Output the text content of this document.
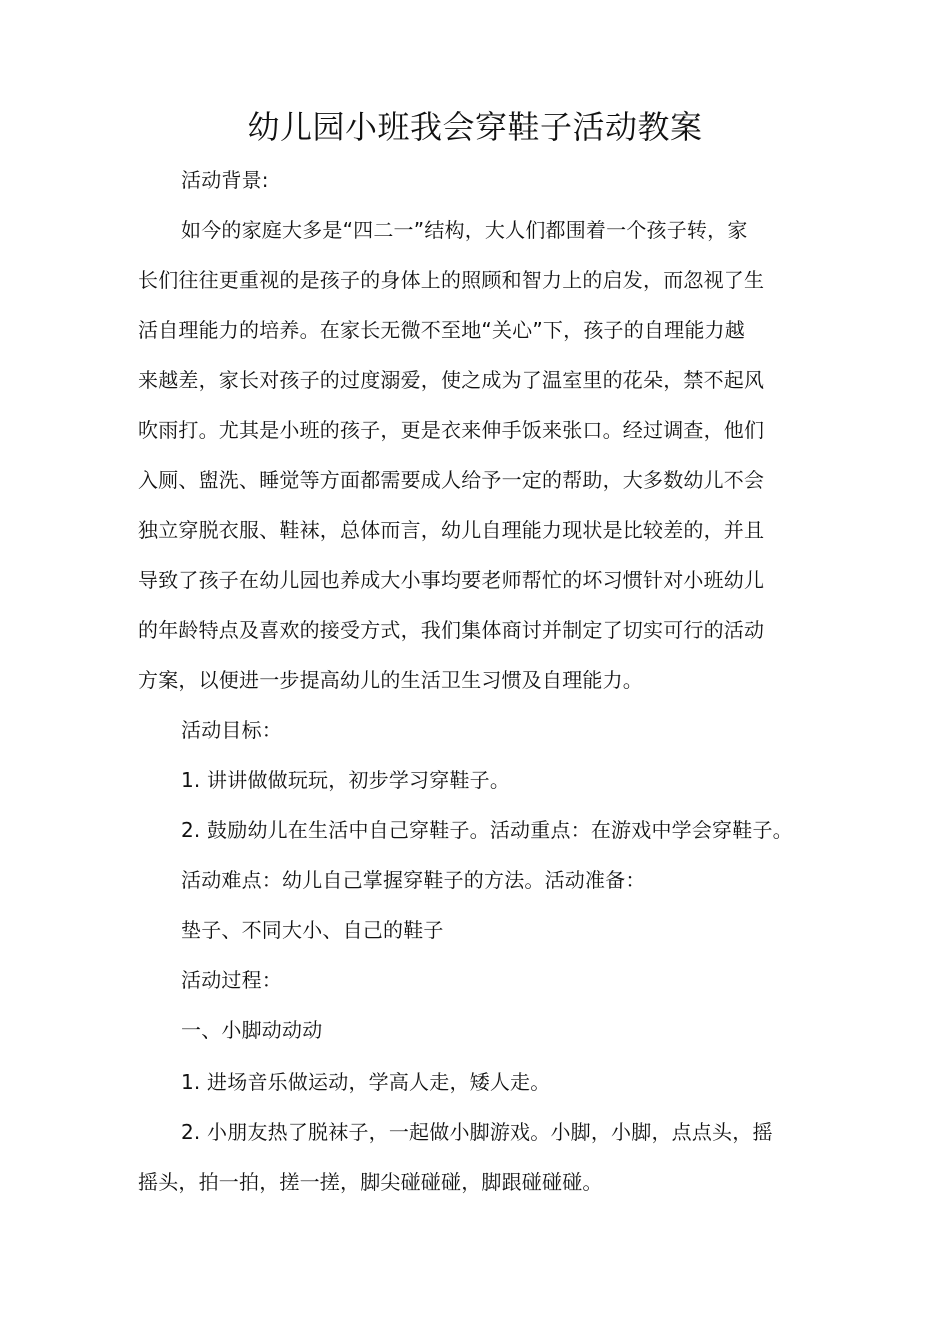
幼儿园小班我会穿鞋子活动教案
活动背景:
如今的家庭大多是“四二一”结构，大人们都围着一个孩子转，家
长们往往更重视的是孩子的身体上的照顾和智力上的启发，而忽视了生
活自理能力的培养。在家长无微不至地“关心”下，孩子的自理能力越
来越差，家长对孩子的过度溺爱，使之成为了温室里的花朵，禁不起风
吹雨打。尤其是小班的孩子，更是衣来伸手饭来张口。经过调查，他们
入厕、盥洗、睡觉等方面都需要成人给予一定的帮助，大多数幼儿不会
独立穿脱衣服、鞋袜，总体而言，幼儿自理能力现状是比较差的，并且
导致了孩子在幼儿园也养成大小事均要老师帮忙的坏习惯针对小班幼儿
的年龄特点及喜欢的接受方式，我们集体商讨并制定了切实可行的活动
方案，以便进一步提高幼儿的生活卫生习惯及自理能力。
活动目标：
1. 讲讲做做玩玩，初步学习穿鞋子。
2. 鼓励幼儿在生活中自己穿鞋子。活动重点：在游戏中学会穿鞋子。
活动难点：幼儿自己掌握穿鞋子的方法。活动准备：
垫子、不同大小、自己的鞋子
活动过程：
一、小脚动动动
1. 进场音乐做运动，学高人走，矮人走。
2. 小朋友热了脱袜子，一起做小脚游戏。小脚，小脚，点点头，摇
摇头，拍一拍，搓一搓，脚尖碰碰碰，脚跟碰碰碰。
